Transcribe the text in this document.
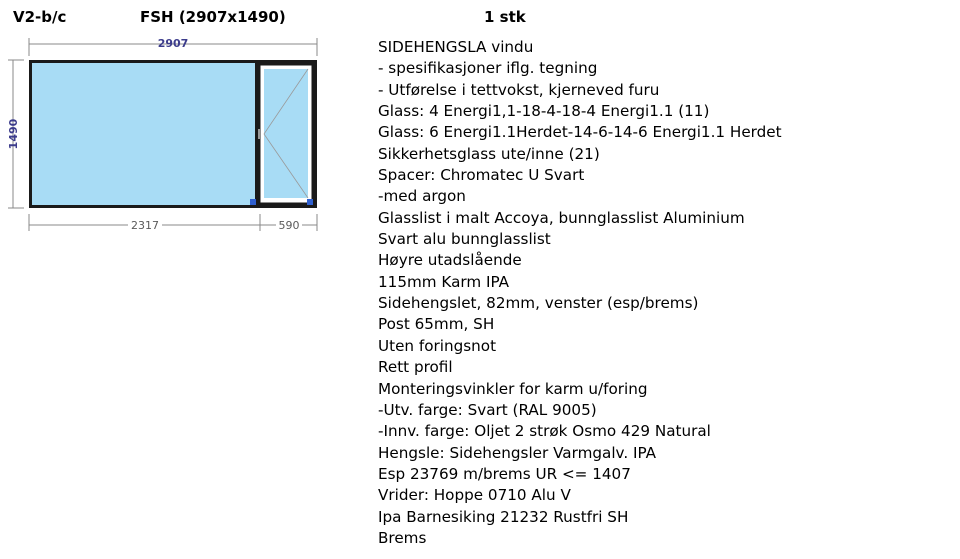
V2-b/c	FSH (2907x1490)	1 stk
2907
1490
2317	590
SIDEHENGSLA vindu
- spesifikasjoner iflg. tegning
- Utførelse i tettvokst, kjerneved furu
Glass: 4 Energi1,1-18-4-18-4 Energi1.1 (11)
Glass: 6 Energi1.1Herdet-14-6-14-6 Energi1.1 Herdet
Sikkerhetsglass ute/inne (21)
Spacer: Chromatec U Svart
-med argon
Glasslist i malt Accoya, bunnglasslist Aluminium
Svart alu bunnglasslist
Høyre utadslående
115mm Karm IPA
Sidehengslet, 82mm, venster (esp/brems)
Post 65mm, SH
Uten foringsnot
Rett profil
Monteringsvinkler for karm u/foring
-Utv. farge: Svart (RAL 9005)
-Innv. farge: Oljet 2 strøk Osmo 429 Natural
Hengsle: Sidehengsler Varmgalv. IPA
Esp 23769 m/brems UR <= 1407
Vrider: Hoppe 0710 Alu V
Ipa Barnesiking 21232 Rustfri SH
Brems
